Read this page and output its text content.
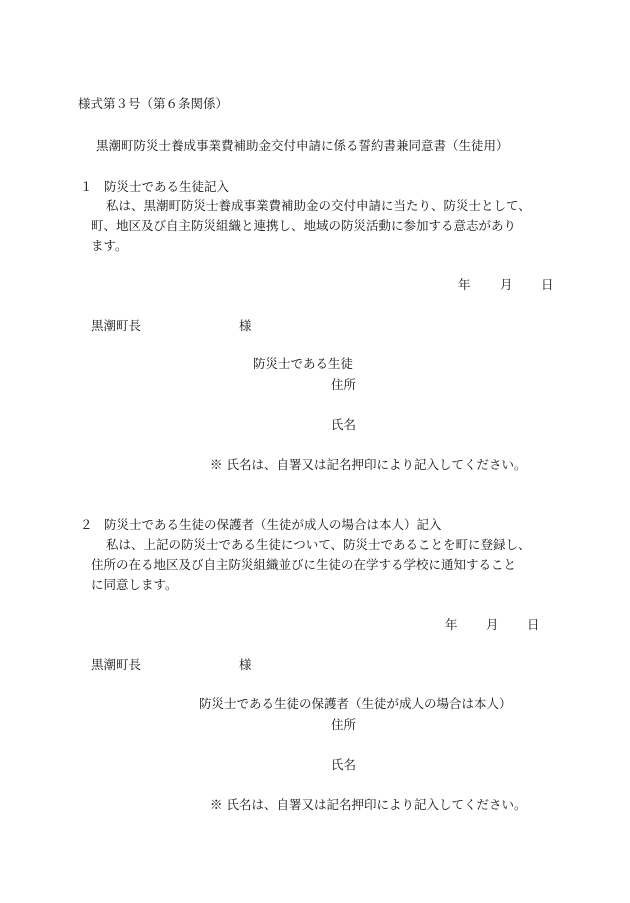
様式第３号（第６条関係）
黒潮町防災士養成事業費補助金交付申請に係る誓約書兼同意書（生徒用）
１ 防災士である生徒記入
私は、黒潮町防災士養成事業費補助金の交付申請に当たり、防災士として、
町、地区及び自主防災組織と連携し、地域の防災活動に参加する意志があり
ます。
年 月 日
黒潮町長	様
防災士である生徒
住所
氏名
※ 氏名は、自署又は記名押印により記入してください。
２ 防災士である生徒の保護者（生徒が成人の場合は本人）記入
私は、上記の防災士である生徒について、防災士であることを町に登録し、
住所の在る地区及び自主防災組織並びに生徒の在学する学校に通知すること
に同意します。
年 月 日
黒潮町長	様
防災士である生徒の保護者（生徒が成人の場合は本人）
住所
氏名
※ 氏名は、自署又は記名押印により記入してください。
